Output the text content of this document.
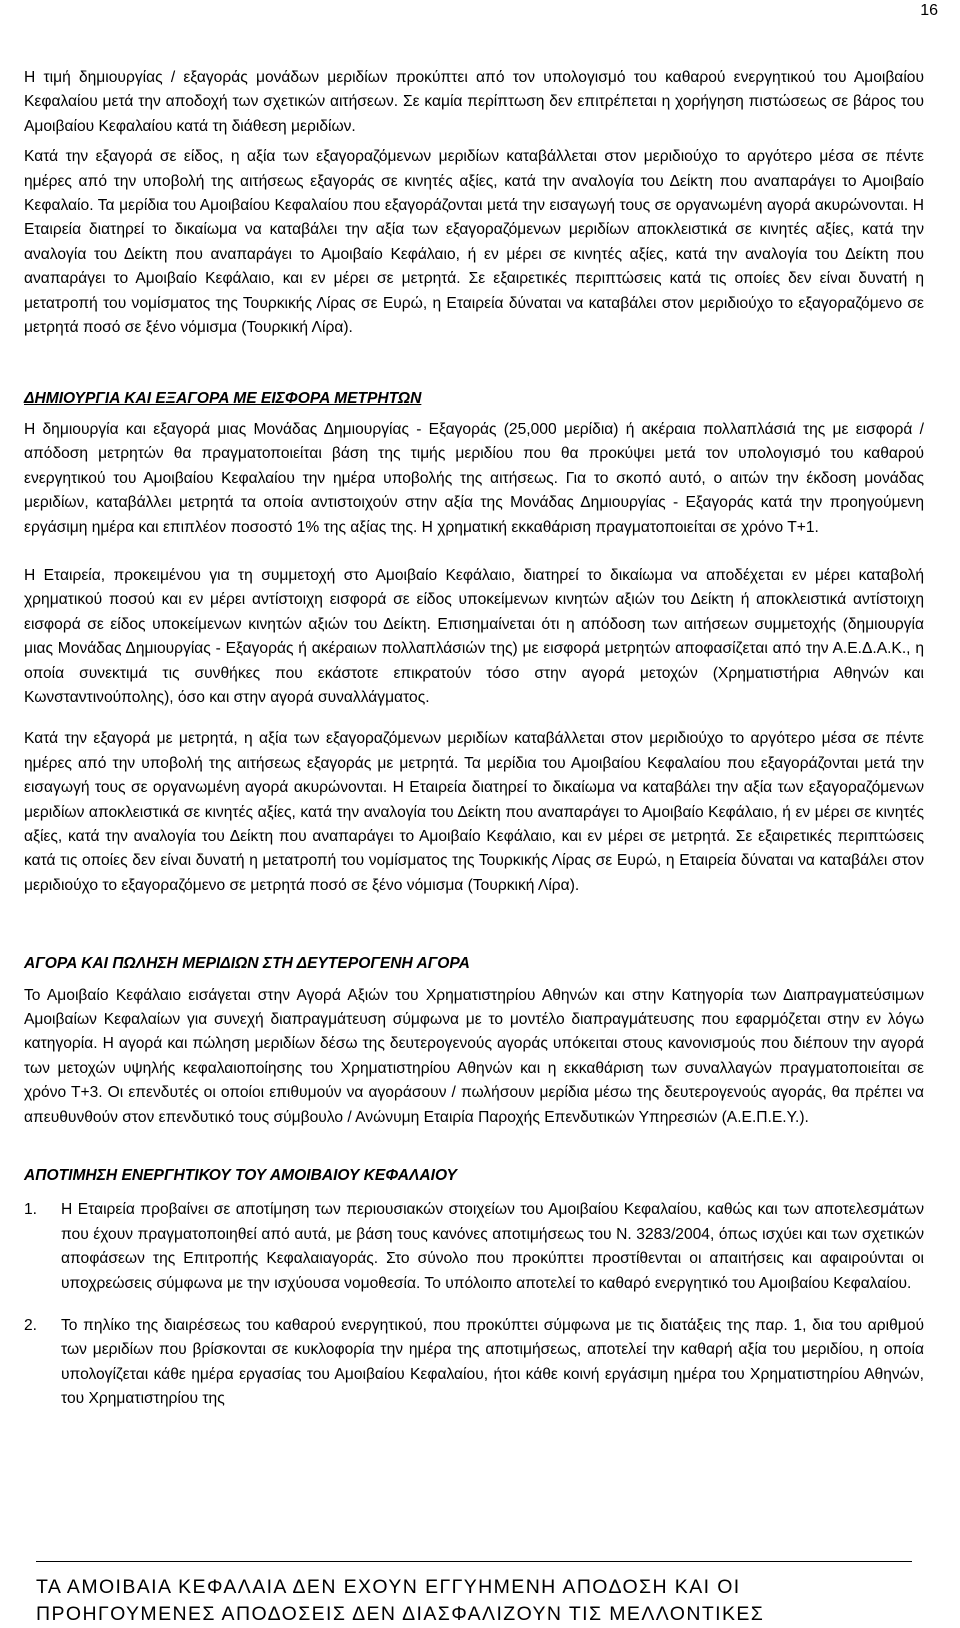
16

Η τιμή δημιουργίας / εξαγοράς μονάδων μεριδίων προκύπτει από τον υπολογισμό του καθαρού ενεργητικού του Αμοιβαίου Κεφαλαίου μετά την αποδοχή των σχετικών αιτήσεων. Σε καμία περίπτωση δεν επιτρέπεται η χορήγηση πιστώσεως σε βάρος του Αμοιβαίου Κεφαλαίου κατά τη διάθεση μεριδίων.

Κατά την εξαγορά σε είδος, η αξία των εξαγοραζόμενων μεριδίων καταβάλλεται στον μεριδιούχο το αργότερο μέσα σε πέντε ημέρες από την υποβολή της αιτήσεως εξαγοράς σε κινητές αξίες, κατά την αναλογία του Δείκτη που αναπαράγει το Αμοιβαίο Κεφαλαίο. Τα μερίδια του Αμοιβαίου Κεφαλαίου που εξαγοράζονται μετά την εισαγωγή τους σε οργανωμένη αγορά ακυρώνονται. Η Εταιρεία διατηρεί το δικαίωμα να καταβάλει την αξία των εξαγοραζόμενων μεριδίων αποκλειστικά σε κινητές αξίες, κατά την αναλογία του Δείκτη που αναπαράγει το Αμοιβαίο Κεφάλαιο, ή εν μέρει σε κινητές αξίες, κατά την αναλογία του Δείκτη που αναπαράγει το Αμοιβαίο Κεφάλαιο, και εν μέρει σε μετρητά. Σε εξαιρετικές περιπτώσεις κατά τις οποίες δεν είναι δυνατή η μετατροπή του νομίσματος της Τουρκικής Λίρας σε Ευρώ, η Εταιρεία δύναται να καταβάλει στον μεριδιούχο το εξαγοραζόμενο σε μετρητά ποσό σε ξένο νόμισμα (Τουρκική Λίρα).

ΔΗΜΙΟΥΡΓΙΑ ΚΑΙ ΕΞΑΓΟΡΑ ΜΕ ΕΙΣΦΟΡΑ ΜΕΤΡΗΤΩΝ

Η δημιουργία και εξαγορά μιας Μονάδας Δημιουργίας - Εξαγοράς (25,000 μερίδια) ή ακέραια πολλαπλάσιά της με εισφορά / απόδοση μετρητών θα πραγματοποιείται βάση της τιμής μεριδίου που θα προκύψει μετά τον υπολογισμό του καθαρού ενεργητικού του Αμοιβαίου Κεφαλαίου την ημέρα υποβολής της αιτήσεως. Για το σκοπό αυτό, ο αιτών την έκδοση μονάδας μεριδίων, καταβάλλει μετρητά τα οποία αντιστοιχούν στην αξία της Μονάδας Δημιουργίας - Εξαγοράς κατά την προηγούμενη εργάσιμη ημέρα και επιπλέον ποσοστό 1% της αξίας της. Η χρηματική εκκαθάριση πραγματοποιείται σε χρόνο Τ+1.

Η Εταιρεία, προκειμένου για τη συμμετοχή στο Αμοιβαίο Κεφάλαιο, διατηρεί το δικαίωμα να αποδέχεται εν μέρει καταβολή χρηματικού ποσού και εν μέρει αντίστοιχη εισφορά σε είδος υποκείμενων κινητών αξιών του Δείκτη ή αποκλειστικά αντίστοιχη εισφορά σε είδος υποκείμενων κινητών αξιών του Δείκτη. Επισημαίνεται ότι η απόδοση των αιτήσεων συμμετοχής (δημιουργία μιας Μονάδας Δημιουργίας - Εξαγοράς ή ακέραιων πολλαπλάσιών της) με εισφορά μετρητών αποφασίζεται από την Α.Ε.Δ.Α.Κ., η οποία συνεκτιμά τις συνθήκες που εκάστοτε επικρατούν τόσο στην αγορά μετοχών (Χρηματιστήρια Αθηνών και Κωνσταντινούπολης), όσο και στην αγορά συναλλάγματος.

Κατά την εξαγορά με μετρητά, η αξία των εξαγοραζόμενων μεριδίων καταβάλλεται στον μεριδιούχο το αργότερο μέσα σε πέντε ημέρες από την υποβολή της αιτήσεως εξαγοράς με μετρητά. Τα μερίδια του Αμοιβαίου Κεφαλαίου που εξαγοράζονται μετά την εισαγωγή τους σε οργανωμένη αγορά ακυρώνονται. Η Εταιρεία διατηρεί το δικαίωμα να καταβάλει την αξία των εξαγοραζόμενων μεριδίων αποκλειστικά σε κινητές αξίες, κατά την αναλογία του Δείκτη που αναπαράγει το Αμοιβαίο Κεφάλαιο, ή εν μέρει σε κινητές αξίες, κατά την αναλογία του Δείκτη που αναπαράγει το Αμοιβαίο Κεφάλαιο, και εν μέρει σε μετρητά. Σε εξαιρετικές περιπτώσεις κατά τις οποίες δεν είναι δυνατή η μετατροπή του νομίσματος της Τουρκικής Λίρας σε Ευρώ, η Εταιρεία δύναται να καταβάλει στον μεριδιούχο το εξαγοραζόμενο σε μετρητά ποσό σε ξένο νόμισμα (Τουρκική Λίρα).

ΑΓΟΡΑ ΚΑΙ ΠΩΛΗΣΗ ΜΕΡΙΔΙΩΝ ΣΤΗ ΔΕΥΤΕΡΟΓΕΝΗ ΑΓΟΡΑ

Το Αμοιβαίο Κεφάλαιο εισάγεται στην Αγορά Αξιών του Χρηματιστηρίου Αθηνών και στην Κατηγορία των Διαπραγματεύσιμων Αμοιβαίων Κεφαλαίων για συνεχή διαπραγμάτευση σύμφωνα με το μοντέλο διαπραγμάτευσης που εφαρμόζεται στην εν λόγω κατηγορία. Η αγορά και πώληση μεριδίων δέσω της δευτερογενούς αγοράς υπόκειται στους κανονισμούς που διέπουν την αγορά των μετοχών υψηλής κεφαλαιοποίησης του Χρηματιστηρίου Αθηνών και η εκκαθάριση των συναλλαγών πραγματοποιείται σε χρόνο Τ+3. Οι επενδυτές οι οποίοι επιθυμούν να αγοράσουν / πωλήσουν μερίδια μέσω της δευτερογενούς αγοράς, θα πρέπει να απευθυνθούν στον επενδυτικό τους σύμβουλο / Ανώνυμη Εταιρία Παροχής Επενδυτικών Υπηρεσιών (Α.Ε.Π.Ε.Υ.).

ΑΠΟΤΙΜΗΣΗ ΕΝΕΡΓΗΤΙΚΟΥ ΤΟΥ ΑΜΟΙΒΑΙΟΥ ΚΕΦΑΛΑΙΟΥ

1. Η Εταιρεία προβαίνει σε αποτίμηση των περιουσιακών στοιχείων του Αμοιβαίου Κεφαλαίου, καθώς και των αποτελεσμάτων που έχουν πραγματοποιηθεί από αυτά, με βάση τους κανόνες αποτιμήσεως του Ν. 3283/2004, όπως ισχύει και των σχετικών αποφάσεων της Επιτροπής Κεφαλαιαγοράς. Στο σύνολο που προκύπτει προστίθενται οι απαιτήσεις και αφαιρούνται οι υποχρεώσεις σύμφωνα με την ισχύουσα νομοθεσία. Το υπόλοιπο αποτελεί το καθαρό ενεργητικό του Αμοιβαίου Κεφαλαίου.
2. Το πηλίκο της διαιρέσεως του καθαρού ενεργητικού, που προκύπτει σύμφωνα με τις διατάξεις της παρ. 1, δια του αριθμού των μεριδίων που βρίσκονται σε κυκλοφορία την ημέρα της αποτιμήσεως, αποτελεί την καθαρή αξία του μεριδίου, η οποία υπολογίζεται κάθε ημέρα εργασίας του Αμοιβαίου Κεφαλαίου, ήτοι κάθε κοινή εργάσιμη ημέρα του Χρηματιστηρίου Αθηνών, του Χρηματιστηρίου της
ΤΑ ΑΜΟΙΒΑΙΑ ΚΕΦΑΛΑΙΑ ΔΕΝ ΕΧΟΥΝ ΕΓΓΥΗΜΕΝΗ ΑΠΟΔΟΣΗ ΚΑΙ ΟΙ
ΠΡΟΗΓΟΥΜΕΝΕΣ ΑΠΟΔΟΣΕΙΣ ΔΕΝ ΔΙΑΣΦΑΛΙΖΟΥΝ ΤΙΣ ΜΕΛΛΟΝΤΙΚΕΣ
